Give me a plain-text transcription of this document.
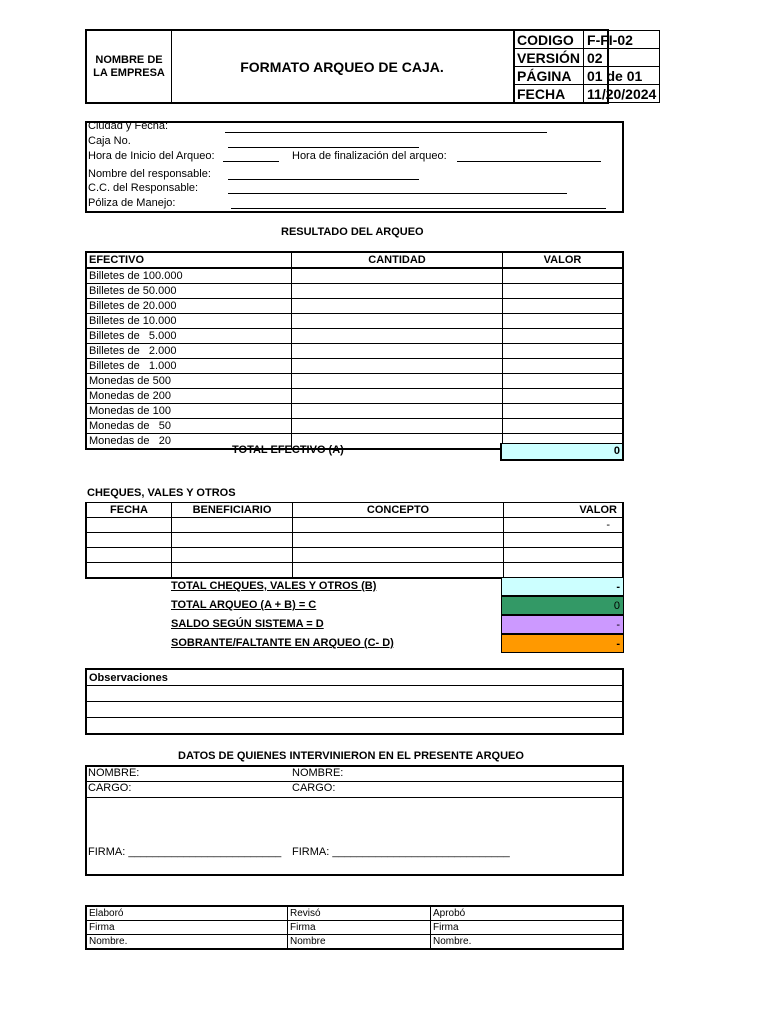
NOMBRE DE
LA EMPRESA	FORMATO ARQUEO DE CAJA.
CODIGO	F-FI-02
VERSIÓN	02
PÁGINA	01 de 01
FECHA	11/20/2024
Ciudad y Fecha:
Caja No.
Hora de Inicio del Arqueo:	Hora de finalización del arqueo:
Nombre del responsable:
C.C. del Responsable:
Póliza de Manejo:
RESULTADO DEL ARQUEO
EFECTIVO	CANTIDAD	VALOR
Billetes de 100.000		
Billetes de 50.000		
Billetes de 20.000		
Billetes de 10.000		
Billetes de   5.000		
Billetes de   2.000		
Billetes de   1.000		
Monedas de 500		
Monedas de 200		
Monedas de 100		
Monedas de   50		
Monedas de   20		
TOTAL EFECTIVO (A)	0
CHEQUES, VALES Y OTROS
FECHA	BENEFICIARIO	CONCEPTO	VALOR
			-

TOTAL CHEQUES, VALES Y OTROS (B)	-
TOTAL ARQUEO (A + B) = C	0
SALDO SEGÚN SISTEMA = D	-
SOBRANTE/FALTANTE EN ARQUEO (C- D)	-
Observaciones

DATOS DE QUIENES INTERVINIERON EN EL PRESENTE ARQUEO
NOMBRE:	NOMBRE:
CARGO:	CARGO:
FIRMA: _________________________ FIRMA: _____________________________
Elaboró	Revisó	Aprobó
Firma	Firma	Firma
Nombre.	Nombre	Nombre.
